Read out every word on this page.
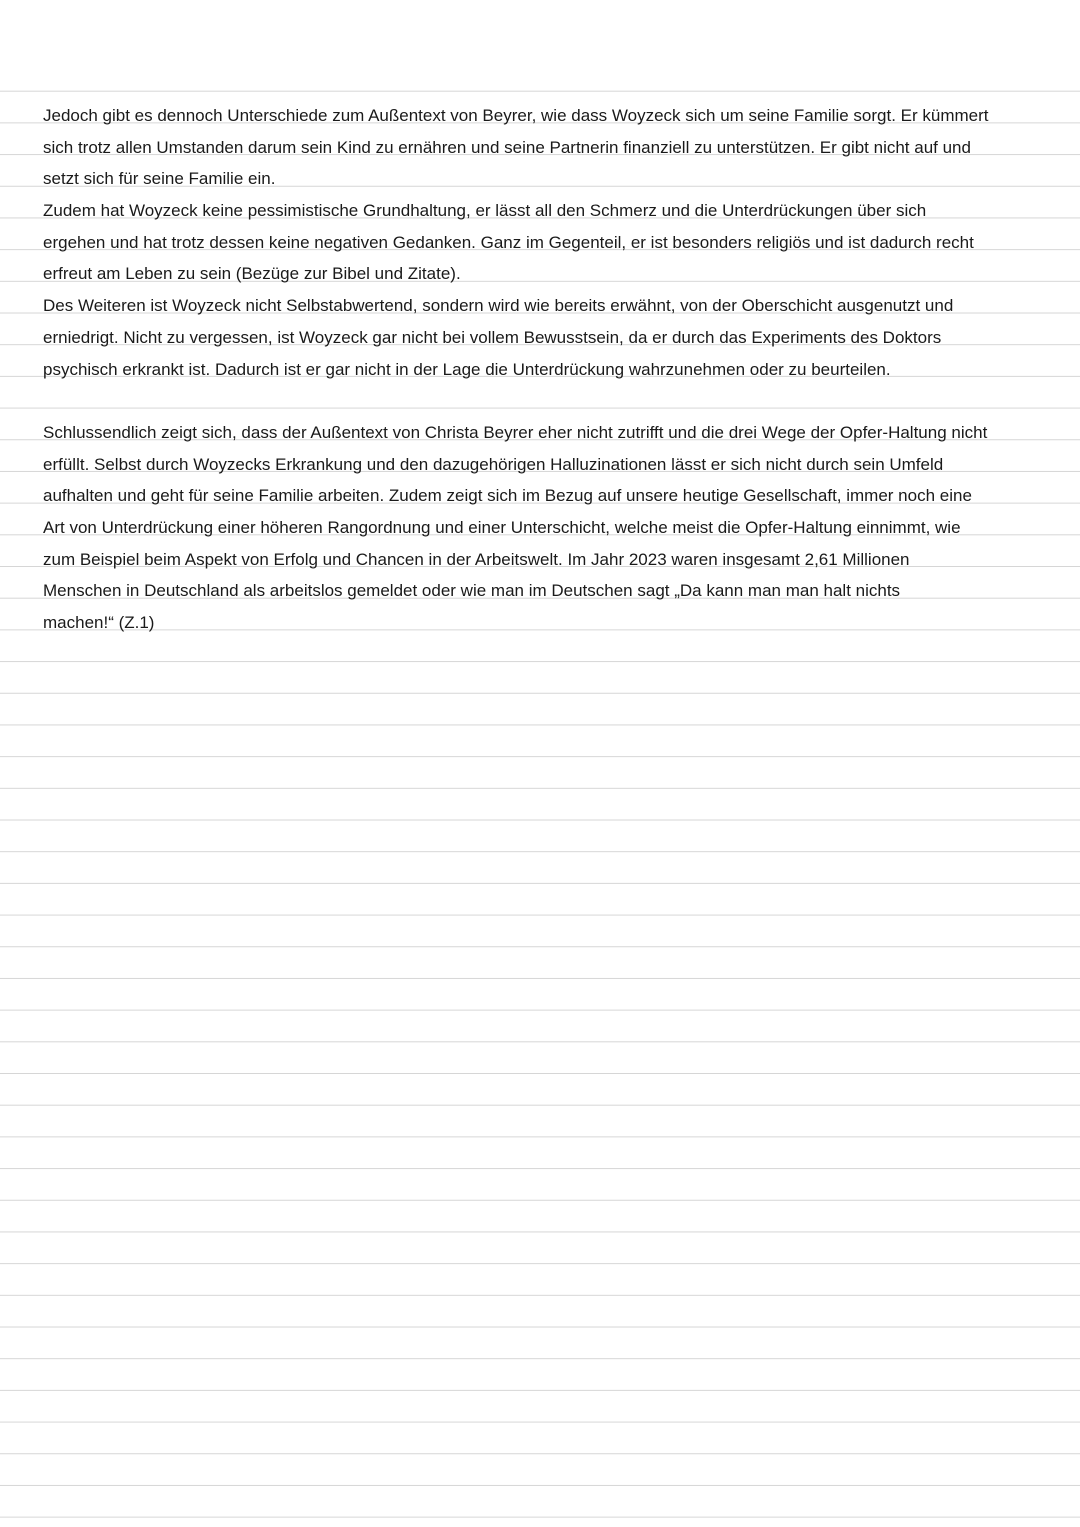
Jedoch gibt es dennoch Unterschiede zum Außentext von Beyrer, wie dass Woyzeck sich um seine Familie sorgt. Er kümmert
sich trotz allen Umstanden darum sein Kind zu ernähren und seine Partnerin finanziell zu unterstützen. Er gibt nicht auf und
setzt sich für seine Familie ein.
Zudem hat Woyzeck keine pessimistische Grundhaltung, er lässt all den Schmerz und die Unterdrückungen über sich
ergehen und hat trotz dessen keine negativen Gedanken. Ganz im Gegenteil, er ist besonders religiös und ist dadurch recht
erfreut am Leben zu sein (Bezüge zur Bibel und Zitate).
Des Weiteren ist Woyzeck nicht Selbstabwertend, sondern wird wie bereits erwähnt, von der Oberschicht ausgenutzt und
erniedrigt. Nicht zu vergessen, ist Woyzeck gar nicht bei vollem Bewusstsein, da er durch das Experiments des Doktors
psychisch erkrankt ist. Dadurch ist er gar nicht in der Lage die Unterdrückung wahrzunehmen oder zu beurteilen.
Schlussendlich zeigt sich, dass der Außentext von Christa Beyrer eher nicht zutrifft und die drei Wege der Opfer-Haltung nicht
erfüllt. Selbst durch Woyzecks Erkrankung und den dazugehörigen Halluzinationen lässt er sich nicht durch sein Umfeld
aufhalten und geht für seine Familie arbeiten. Zudem zeigt sich im Bezug auf unsere heutige Gesellschaft, immer noch eine
Art von Unterdrückung einer höheren Rangordnung und einer Unterschicht, welche meist die Opfer-Haltung einnimmt, wie
zum Beispiel beim Aspekt von Erfolg und Chancen in der Arbeitswelt. Im Jahr 2023 waren insgesamt 2,61 Millionen
Menschen in Deutschland als arbeitslos gemeldet oder wie man im Deutschen sagt „Da kann man man halt nichts
machen!“ (Z.1)
